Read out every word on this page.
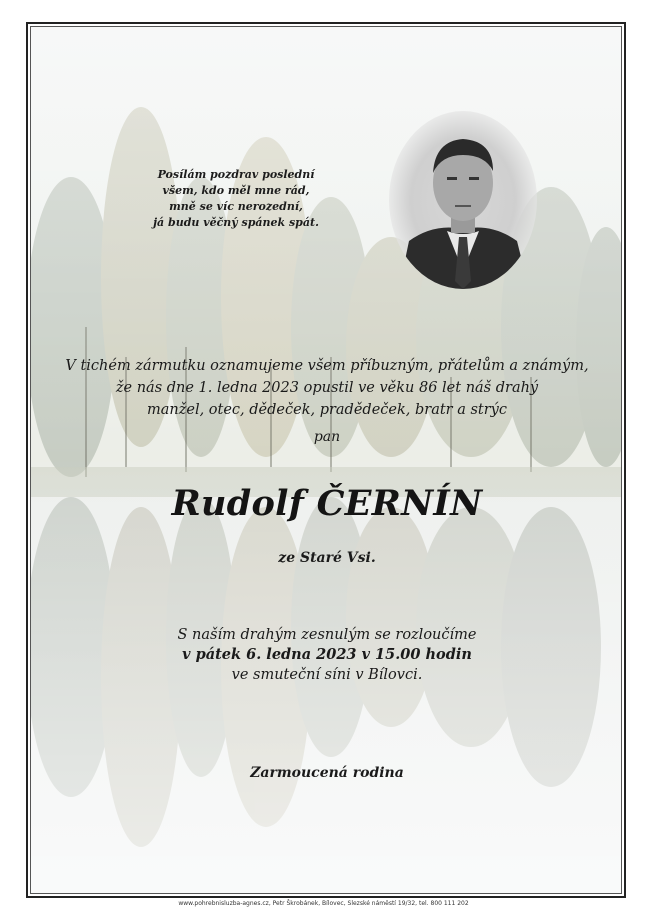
Posílám pozdrav poslední
všem, kdo měl mne rád,
mně se víc nerozední,
já budu věčný spánek spát.
V tichém zármutku oznamujeme všem příbuzným, přátelům a známým,
že nás dne 1. ledna 2023 opustil ve věku 86 let náš drahý
manžel, otec, dědeček, pradědeček, bratr a strýc
pan
Rudolf ČERNÍN
ze Staré Vsi.
S naším drahým zesnulým se rozloučíme
v pátek 6. ledna 2023 v 15.00 hodin
ve smuteční síni v Bílovci.
Zarmoucená rodina
www.pohrebnisluzba-agnes.cz, Petr Škrobánek, Bílovec, Slezské náměstí 19/32, tel. 800 111 202
